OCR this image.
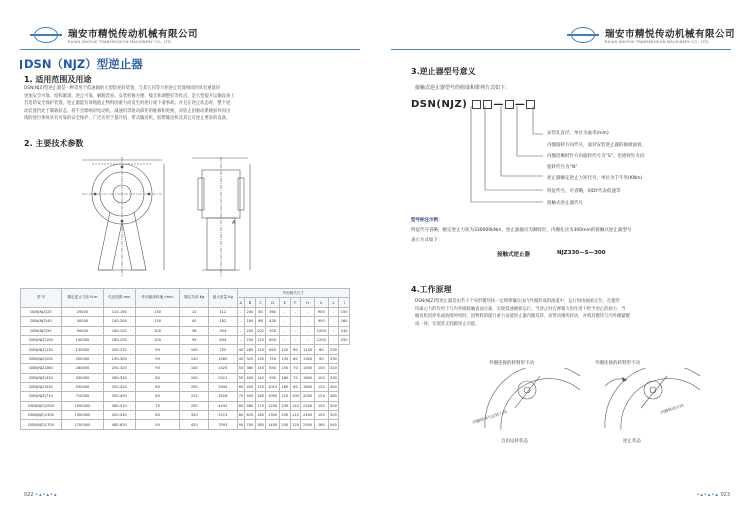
瑞安市精悦传动机械有限公司
RUIAN JINGYUE TRANSMISSION MACHINERY CO., LTD.
DSN（NJZ）型逆止器
1. 适用范围及用途
DSN(NJZ)型逆止器是一种适用于低速轴的大型防逆转装置，与其它同等力矩逆止装置相同的具有重量轻
更加安全可靠、结构紧凑、逆止可靠、解脱容易、安装检修方便、噪音和调整好等优点，是大型提升运输设备上
首选的安全保护装置。逆止器能有效地阻止物料因重力而发生的逆行或下滑事故；并且在逆止状态时，整个逆
动装置仍处于制载状态，将不会影响对电动机、减速机等驱动部件的维修和更换，对防止因驱动系统损坏而出
现的逆行事故具有可靠的安全保护，广泛应用于提升机、带式输送机、胶带输送机及其它有逆止要求的设备。
2. 主要技术参数
A
型 号	额定逆止力矩 N.m	孔径范围 mm	许用最高转速 r/min	额定功率 Kg	最大质量 Kg	外形相关尺寸									
						A	B	C	D	E	F	H	h	L	I
DSN(NJZ)25	25000	120-160	130	22	112	-	240	60	360	-	-	-	900	-	150
DSN(NJZ)40	40000	140-200	130	40	182	-	160	68	430	-	-	-	950	-	160
DSN(NJZ)50	50000	160-220	100	58	354	-	200	102	500	-	-	-	1000	-	240
DSN(NJZ)100	100000	180-250	100	95	644	-	250	120	600	-	-	-	1200	-	290
DSN(NJZ)130	130000	200-270	90	100	755	40	260	120	650	120	60	1100	80	290	
DSN(NJZ)200	200000	230-300	90	120	1080	45	320	130	750	135	60	1300	90	330	
DSN(NJZ)280	280000	250-320	90	140	1425	50	360	140	850	150	70	1500	100	320	
DSN(NJZ)330	330000	260-350	80	200	2021	55	400	140	930	160	70	1600	100	330	
DSN(NJZ)530	530000	320-420	80	200	2945	60	450	150	1010	180	80	1800	120	450	
DSN(NJZ)710	710000	350-450	80	225	3518	70	500	160	1090	210	100	2000	124	480	
DSN(NJZ)1000	1000000	380-510	70	250	4442	80	560	170	1200	230	110	2200	150	500	
DSN(NJZ)1300	1300000	420-540	60	320	5213	80	620	180	1300	250	110	2400	150	500	
DSN(NJZ)1700	1700000	480-620	50	420	7093	90	700	180	1450	250	120	2500	160	540	
022 •▴•▴•▴
瑞安市精悦传动机械有限公司
RUIAN JINGYUE TRANSMISSION MACHINERY CO., LTD.
3.逆止器型号意义
接触式逆止器型号的组成和排列方式如下：
DSN(NJZ)	— —
安装孔直径，单位为毫米(mm)
内圈旋转方向代号，面对安装逆止器的轴端面看，
内圈沿顺时针方向旋转代号为“S”，沿逆时针方向
旋转代号为“N”
逆止器额定逆止力矩代号，单位为千牛米(KNm)
特征代号，可省略，如DY代表低速等
接触式逆止器代号
型号标注示例：
特征代号省略，额定逆止力矩为330000kNm，逆止器旋向为顺时针，内圈孔径为300mm的接触式逆止器型号
表示方式如下：
接触式逆止器	NJZ330—S—300
4.工作原理
DSN(NJZ)型逆止器是由若干个异形楔块按一定规律镶在由内外圈形成的滚道中，运行时由轴承定位，在楔形
块离心力的作用下与内外圈接触表面分离，实现低速磨损运行。当逆止时在弹簧力的作用下给予逆止的助力，当
输送机因停电或故障停机时，因物料的提升重力迫使逆止器内圈反转，而带动楔块转动，并将其楔块与内外圈紧楔
成一体，实现其无间隙逆止功能。
外圈连接的转臂形不动	外圈连接的转臂形不动
内圈转向与运转方向
内圈转动方向
自由运转状态	逆止状态
•▴•▴•▴ 023
